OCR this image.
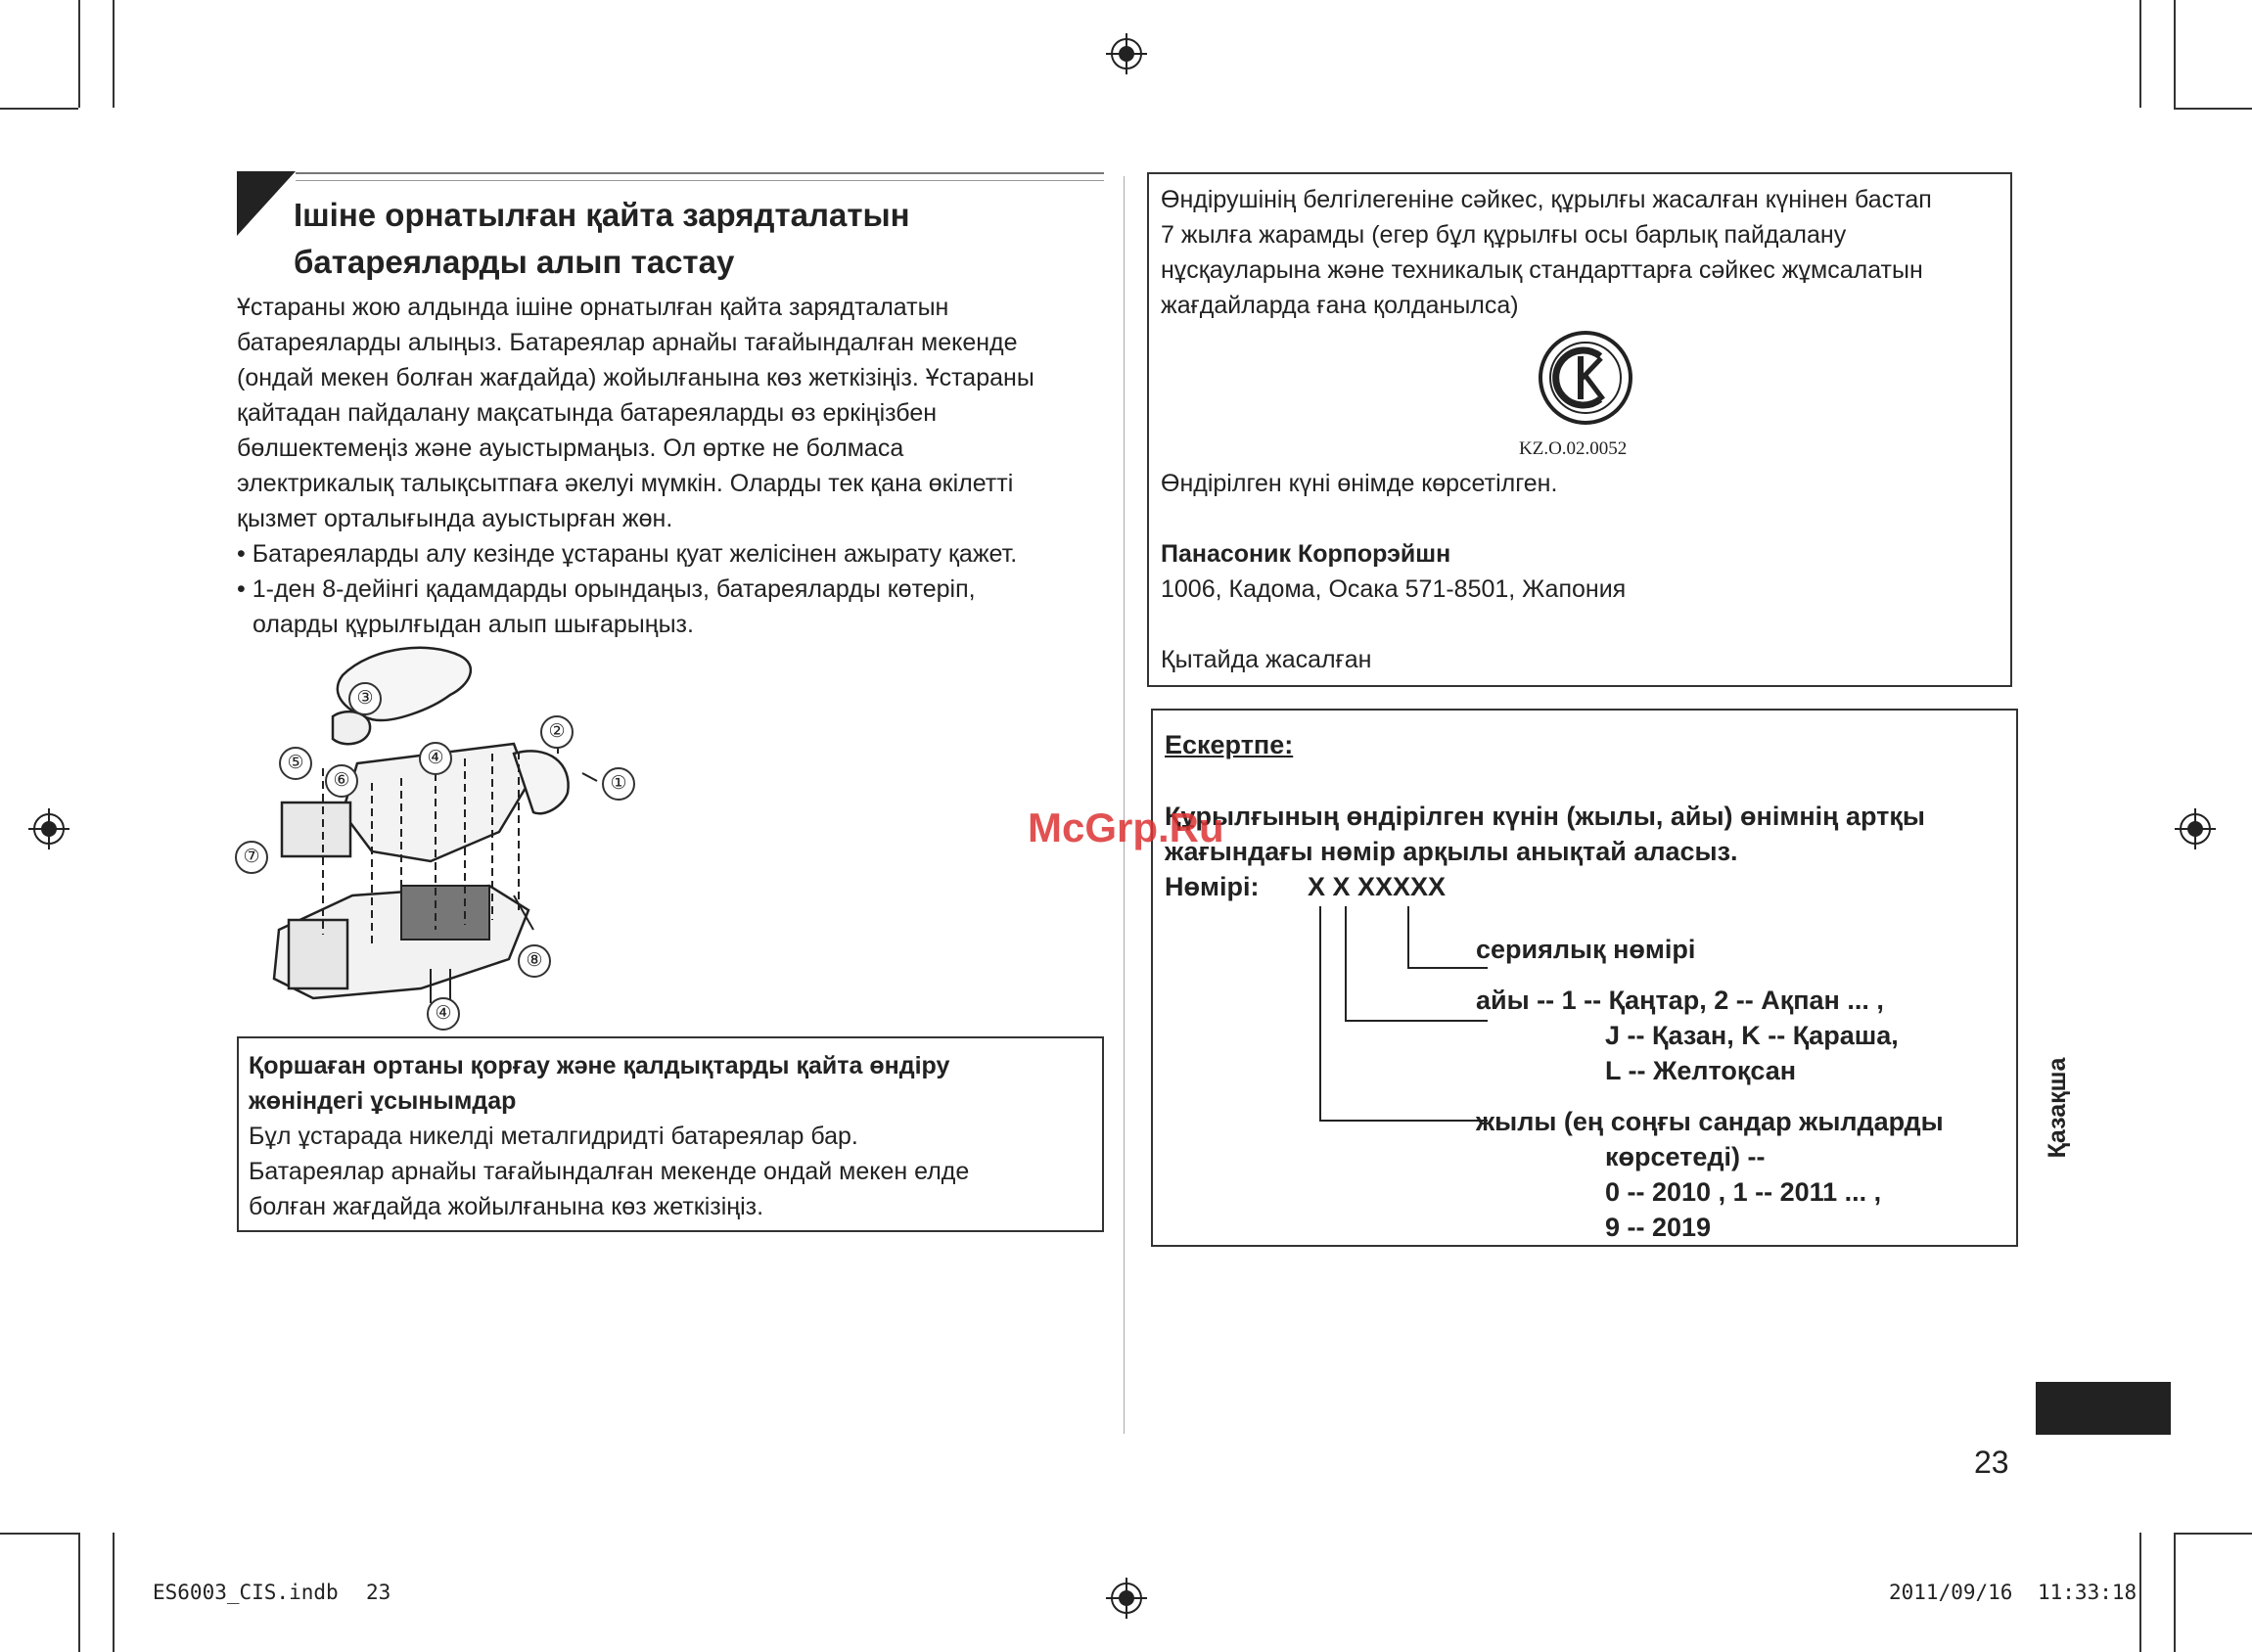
Ішіне орнатылған қайта зарядталатын
батареяларды алып тастау
Ұстараны жою алдында ішіне орнатылған қайта зарядталатын
батареяларды алыңыз. Батареялар арнайы тағайындалған мекенде
(ондай мекен болған жағдайда) жойылғанына көз жеткізіңіз. Ұстараны
қайтадан пайдалану мақсатында батареяларды өз еркіңізбен
бөлшектемеңіз және ауыстырмаңыз. Ол өртке не болмаса
электрикалық талықсытпаға әкелуі мүмкін. Оларды тек қана өкілетті
қызмет орталығында ауыстырған жөн.
• Батареяларды алу кезінде ұстараны қуат желісінен ажырату қажет.
• 1-ден 8-дейінгі қадамдарды орындаңыз, батареяларды көтеріп,
оларды құрылғыдан алып шығарыңыз.
①
②
③
④
⑤
⑥
⑦
⑧
④
Қоршаған ортаны қорғау және қалдықтарды қайта өндіру
жөніндегі ұсынымдар
Бұл ұстарада никелді металгидридті батареялар бар.
Батареялар арнайы тағайындалған мекенде ондай мекен елде
болған жағдайда жойылғанына көз жеткізіңіз.
Өндірушінің белгілегеніне сәйкес, құрылғы жасалған күнінен бастап
7 жылға жарамды (егер бұл құрылғы осы барлық пайдалану
нұсқауларына және техникалық стандарттарға сәйкес жұмсалатын
жағдайларда ғана қолданылса)
KZ.O.02.0052
Өндірілген күні өнімде көрсетілген.
Панасоник Корпорэйшн
1006, Кадома, Осака 571-8501, Жапония
Қытайда жасалған
Ескертпе:
Құрылғының өндірілген күнін (жылы, айы) өнімнің артқы
жағындағы нөмір арқылы анықтай аласыз.
Нөмірі: X X XXXXX
сериялық нөмірі
айы -- 1 -- Қаңтар, 2 -- Ақпан ... ,
J -- Қазан, K -- Қараша,
L -- Желтоқсан
жылы (ең соңғы сандар жылдарды
көрсетеді) --
0 -- 2010 , 1 -- 2011 ... ,
9 -- 2019
McGrp.Ru
Қазақша
23
ES6003_CIS.indb 23	2011/09/16 11:33:18
